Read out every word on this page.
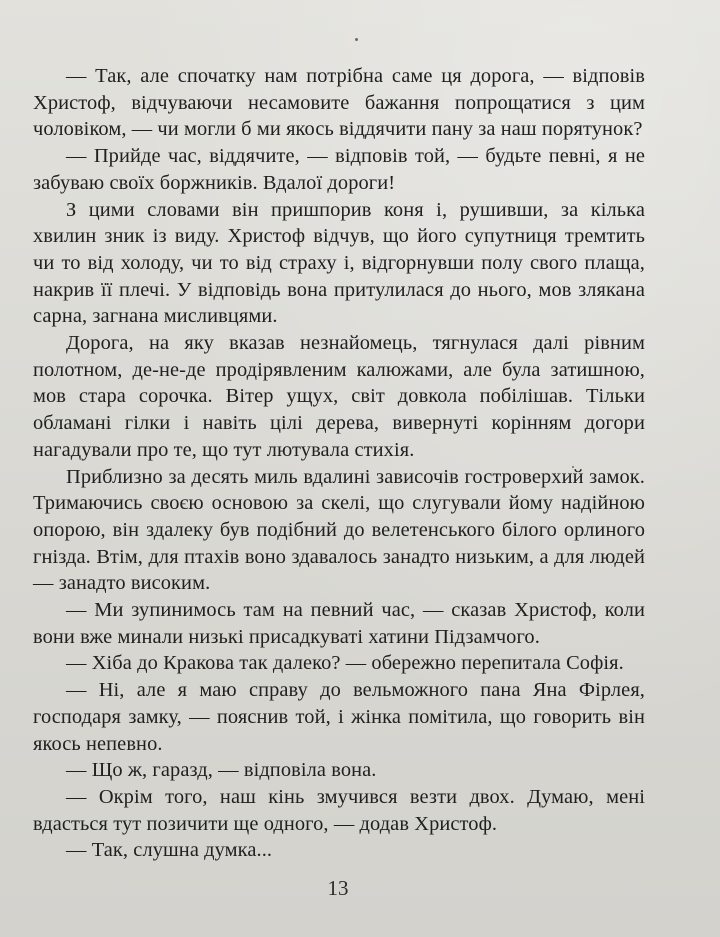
— Так, але спочатку нам потрібна саме ця дорога, — відповів Христоф, відчуваючи несамовите бажання попрощатися з цим чоловіком, — чи могли б ми якось віддячити пану за наш порятунок?

— Прийде час, віддячите, — відповів той, — будьте певні, я не забуваю своїх боржників. Вдалої дороги!

З цими словами він пришпорив коня і, рушивши, за кілька хвилин зник із виду. Христоф відчув, що його супутниця тремтить чи то від холоду, чи то від страху і, відгорнувши полу свого плаща, накрив її плечі. У відповідь вона притулилася до нього, мов злякана сарна, загнана мисливцями.

Дорога, на яку вказав незнайомець, тягнулася далі рівним полотном, де-не-де продірявленим калюжами, але була затишною, мов стара сорочка. Вітер ущух, світ довкола побілішав. Тільки обламані гілки і навіть цілі дерева, вивернуті корінням догори нагадували про те, що тут лютувала стихія.

Приблизно за десять миль вдалині зависочів гостроверхий замок. Тримаючись своєю основою за скелі, що слугували йому надійною опорою, він здалеку був подібний до велетенського білого орлиного гнізда. Втім, для птахів воно здавалось занадто низьким, а для людей — занадто високим.

— Ми зупинимось там на певний час, — сказав Христоф, коли вони вже минали низькі присадкуваті хатини Підзамчого.

— Хіба до Кракова так далеко? — обережно перепитала Софія.

— Ні, але я маю справу до вельможного пана Яна Фірлея, господаря замку, — пояснив той, і жінка помітила, що говорить він якось непевно.

— Що ж, гаразд, — відповіла вона.

— Окрім того, наш кінь змучився везти двох. Думаю, мені вдасться тут позичити ще одного, — додав Христоф.

— Так, слушна думка...

13
